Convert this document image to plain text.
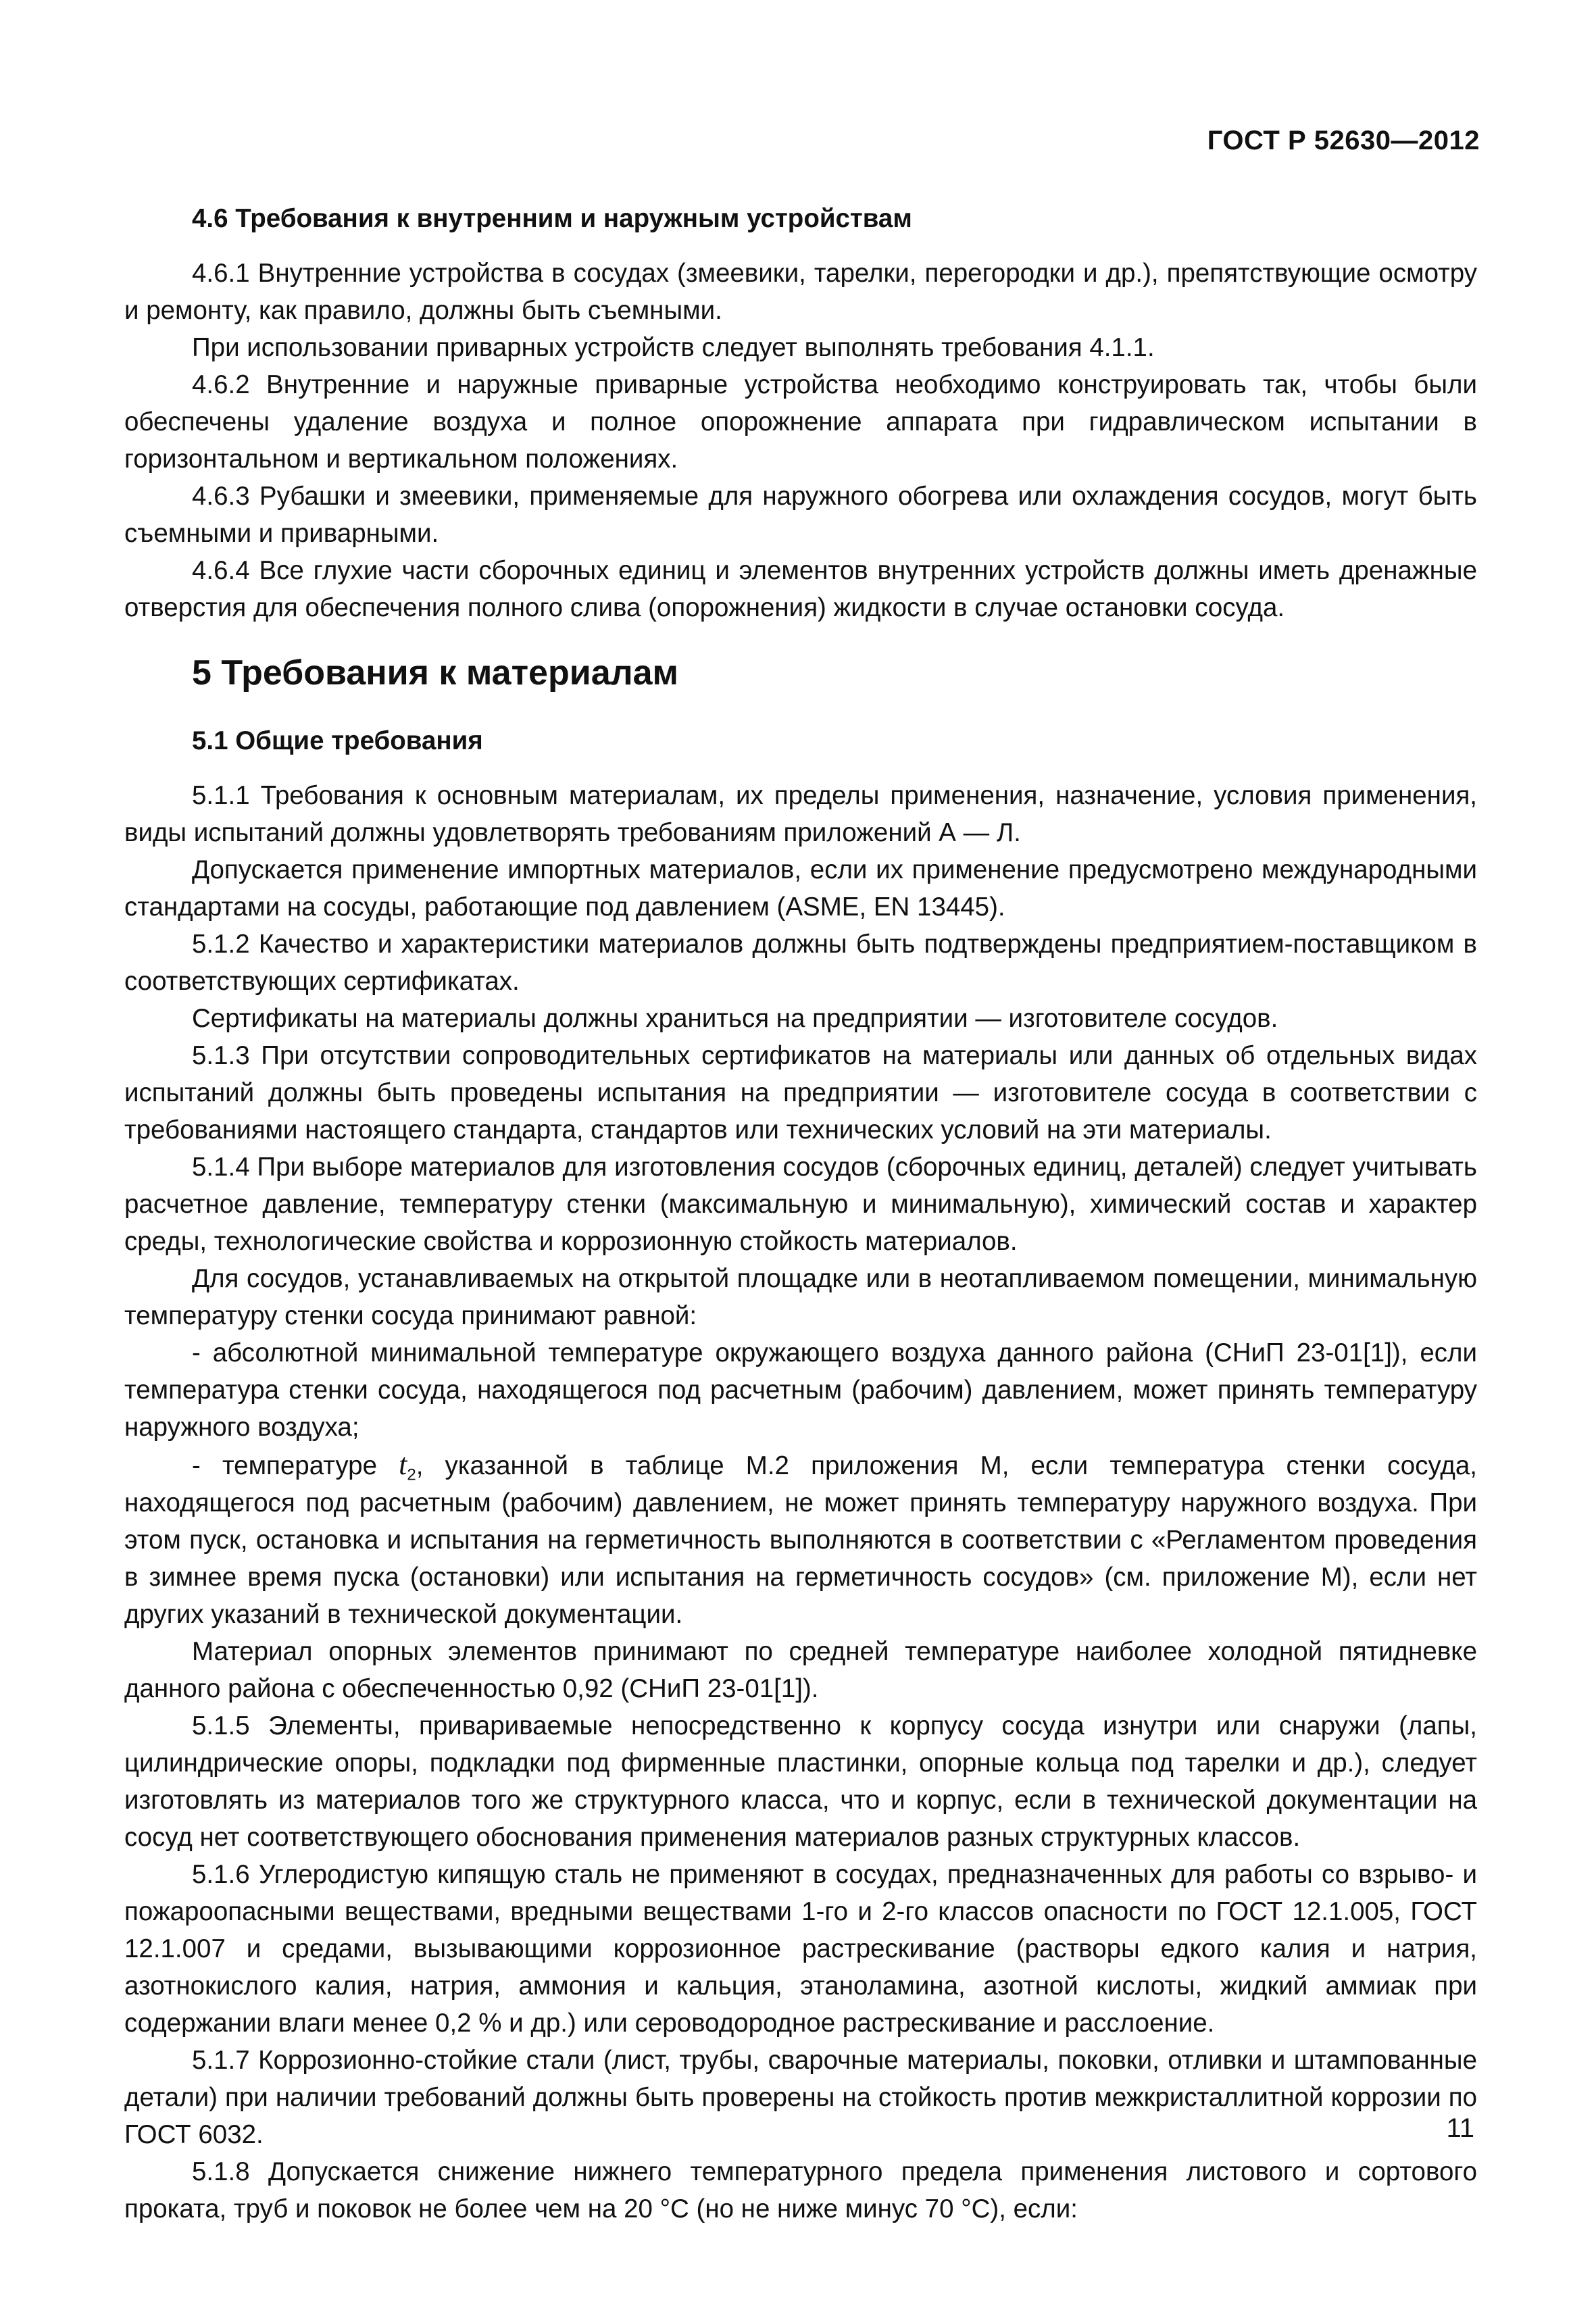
ГОСТ Р 52630—2012
4.6 Требования к внутренним и наружным устройствам

4.6.1 Внутренние устройства в сосудах (змеевики, тарелки, перегородки и др.), препятствующие осмотру и ремонту, как правило, должны быть съемными.

При использовании приварных устройств следует выполнять требования 4.1.1.

4.6.2 Внутренние и наружные приварные устройства необходимо конструировать так, чтобы были обеспечены удаление воздуха и полное опорожнение аппарата при гидравлическом испытании в горизонтальном и вертикальном положениях.

4.6.3 Рубашки и змеевики, применяемые для наружного обогрева или охлаждения сосудов, могут быть съемными и приварными.

4.6.4 Все глухие части сборочных единиц и элементов внутренних устройств должны иметь дренажные отверстия для обеспечения полного слива (опорожнения) жидкости в случае остановки сосуда.

5 Требования к материалам
5.1 Общие требования

5.1.1 Требования к основным материалам, их пределы применения, назначение, условия применения, виды испытаний должны удовлетворять требованиям приложений А — Л.

Допускается применение импортных материалов, если их применение предусмотрено международными стандартами на сосуды, работающие под давлением (ASME, EN 13445).

5.1.2 Качество и характеристики материалов должны быть подтверждены предприятием-поставщиком в соответствующих сертификатах.

Сертификаты на материалы должны храниться на предприятии — изготовителе сосудов.

5.1.3 При отсутствии сопроводительных сертификатов на материалы или данных об отдельных видах испытаний должны быть проведены испытания на предприятии — изготовителе сосуда в соответствии с требованиями настоящего стандарта, стандартов или технических условий на эти материалы.

5.1.4 При выборе материалов для изготовления сосудов (сборочных единиц, деталей) следует учитывать расчетное давление, температуру стенки (максимальную и минимальную), химический состав и характер среды, технологические свойства и коррозионную стойкость материалов.

Для сосудов, устанавливаемых на открытой площадке или в неотапливаемом помещении, минимальную температуру стенки сосуда принимают равной:

- абсолютной минимальной температуре окружающего воздуха данного района (СНиП 23-01[1]), если температура стенки сосуда, находящегося под расчетным (рабочим) давлением, может принять температуру наружного воздуха;

- температуре $t_2$, указанной в таблице М.2 приложения М, если температура стенки сосуда, находящегося под расчетным (рабочим) давлением, не может принять температуру наружного воздуха. При этом пуск, остановка и испытания на герметичность выполняются в соответствии с «Регламентом проведения в зимнее время пуска (остановки) или испытания на герметичность сосудов» (см. приложение М), если нет других указаний в технической документации.

Материал опорных элементов принимают по средней температуре наиболее холодной пятидневке данного района с обеспеченностью 0,92 (СНиП 23-01[1]).

5.1.5 Элементы, привариваемые непосредственно к корпусу сосуда изнутри или снаружи (лапы, цилиндрические опоры, подкладки под фирменные пластинки, опорные кольца под тарелки и др.), следует изготовлять из материалов того же структурного класса, что и корпус, если в технической документации на сосуд нет соответствующего обоснования применения материалов разных структурных классов.

5.1.6 Углеродистую кипящую сталь не применяют в сосудах, предназначенных для работы со взрыво- и пожароопасными веществами, вредными веществами 1-го и 2-го классов опасности по ГОСТ 12.1.005, ГОСТ 12.1.007 и средами, вызывающими коррозионное растрескивание (растворы едкого калия и натрия, азотнокислого калия, натрия, аммония и кальция, этаноламина, азотной кислоты, жидкий аммиак при содержании влаги менее 0,2 % и др.) или сероводородное растрескивание и расслоение.

5.1.7 Коррозионно-стойкие стали (лист, трубы, сварочные материалы, поковки, отливки и штампованные детали) при наличии требований должны быть проверены на стойкость против межкристаллитной коррозии по ГОСТ 6032.

5.1.8 Допускается снижение нижнего температурного предела применения листового и сортового проката, труб и поковок не более чем на 20 °С (но не ниже минус 70 °С), если:

11
